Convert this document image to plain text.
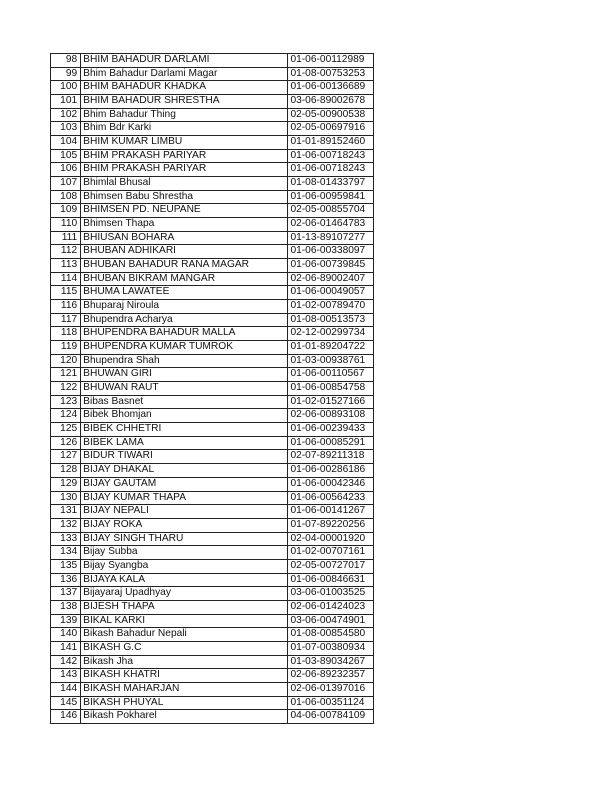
98	BHIM BAHADUR DARLAMI	01-06-00112989
99	Bhim Bahadur Darlami Magar	01-08-00753253
100	BHIM BAHADUR KHADKA	01-06-00136689
101	BHIM BAHADUR SHRESTHA	03-06-89002678
102	Bhim Bahadur Thing	02-05-00900538
103	Bhim Bdr Karki	02-05-00697916
104	BHIM KUMAR LIMBU	01-01-89152460
105	BHIM PRAKASH PARIYAR	01-06-00718243
106	BHIM PRAKASH PARIYAR	01-06-00718243
107	Bhimlal Bhusal	01-08-01433797
108	Bhimsen Babu Shrestha	01-06-00959841
109	BHIMSEN PD. NEUPANE	02-05-00855704
110	Bhimsen Thapa	02-06-01464783
111	BHIUSAN BOHARA	01-13-89107277
112	BHUBAN ADHIKARI	01-06-00338097
113	BHUBAN BAHADUR RANA MAGAR	01-06-00739845
114	BHUBAN BIKRAM MANGAR	02-06-89002407
115	BHUMA LAWATEE	01-06-00049057
116	Bhuparaj Niroula	01-02-00789470
117	Bhupendra Acharya	01-08-00513573
118	BHUPENDRA BAHADUR MALLA	02-12-00299734
119	BHUPENDRA KUMAR TUMROK	01-01-89204722
120	Bhupendra Shah	01-03-00938761
121	BHUWAN GIRI	01-06-00110567
122	BHUWAN RAUT	01-06-00854758
123	Bibas Basnet	01-02-01527166
124	Bibek Bhomjan	02-06-00893108
125	BIBEK CHHETRI	01-06-00239433
126	BIBEK LAMA	01-06-00085291
127	BIDUR TIWARI	02-07-89211318
128	BIJAY DHAKAL	01-06-00286186
129	BIJAY GAUTAM	01-06-00042346
130	BIJAY KUMAR THAPA	01-06-00564233
131	BIJAY NEPALI	01-06-00141267
132	BIJAY ROKA	01-07-89220256
133	BIJAY SINGH THARU	02-04-00001920
134	Bijay Subba	01-02-00707161
135	Bijay Syangba	02-05-00727017
136	BIJAYA KALA	01-06-00846631
137	Bijayaraj Upadhyay	03-06-01003525
138	BIJESH THAPA	02-06-01424023
139	BIKAL KARKI	03-06-00474901
140	Bikash Bahadur Nepali	01-08-00854580
141	BIKASH G.C	01-07-00380934
142	Bikash Jha	01-03-89034267
143	BIKASH KHATRI	02-06-89232357
144	BIKASH MAHARJAN	02-06-01397016
145	BIKASH PHUYAL	01-06-00351124
146	Bikash Pokharel	04-06-00784109
